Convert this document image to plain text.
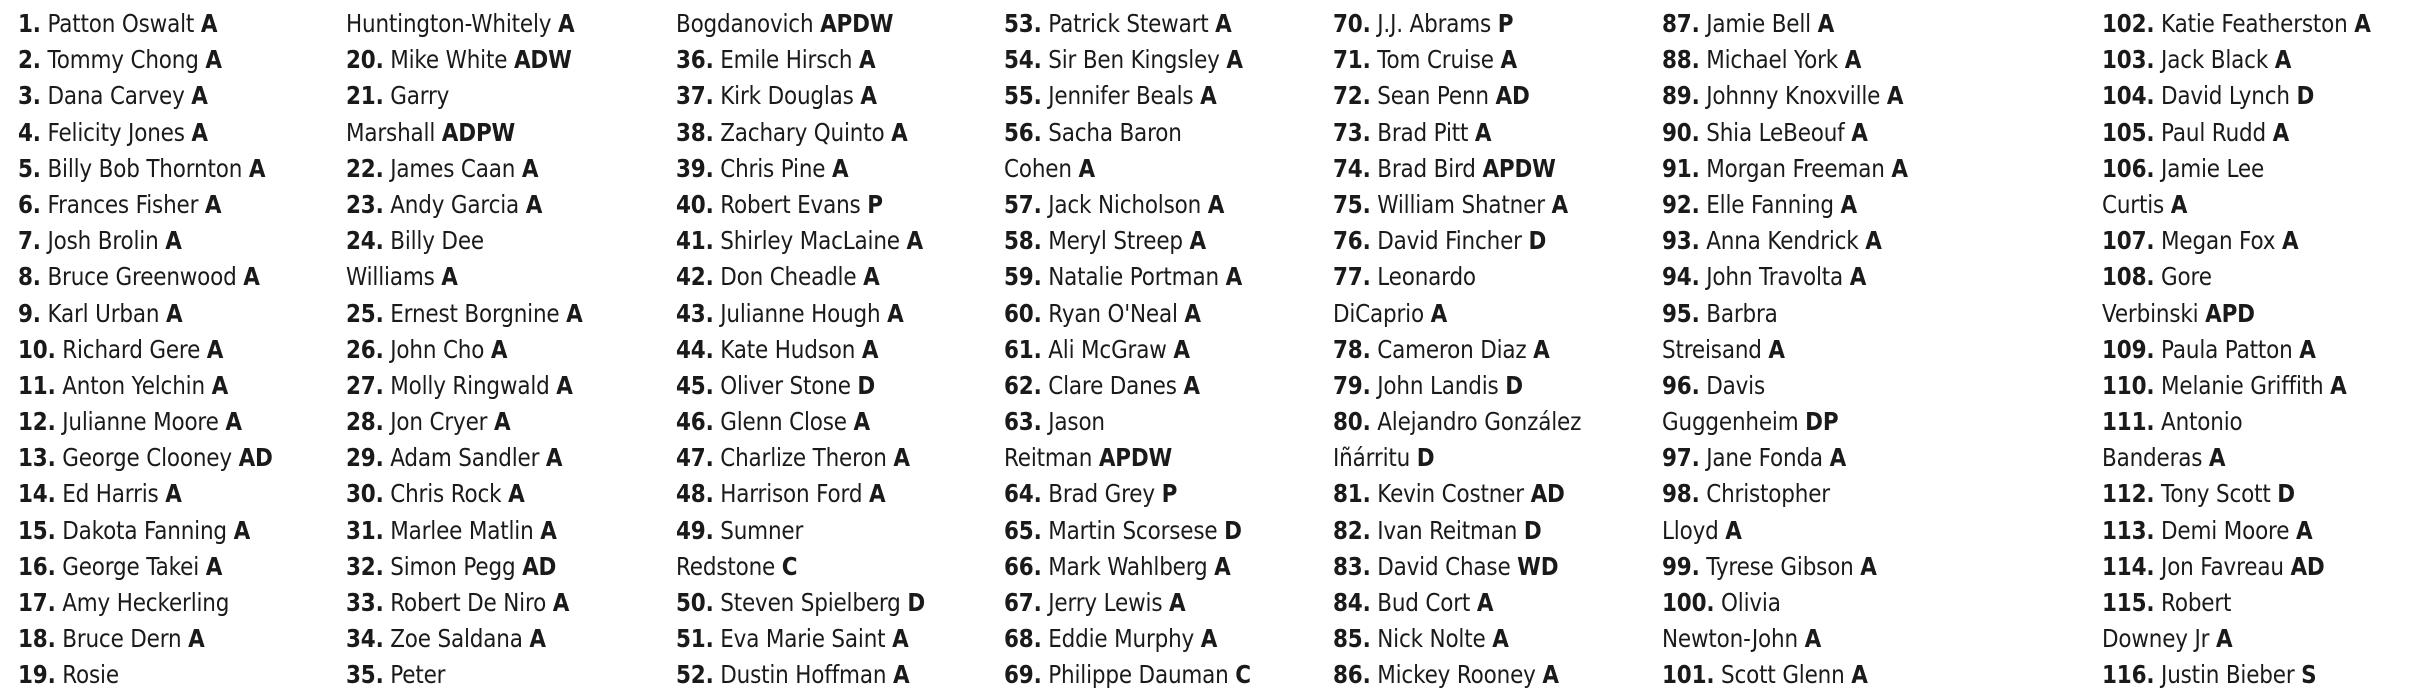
1. Patton Oswalt A
2. Tommy Chong A
3. Dana Carvey A
4. Felicity Jones A
5. Billy Bob Thornton A
6. Frances Fisher A
7. Josh Brolin A
8. Bruce Greenwood A
9. Karl Urban A
10. Richard Gere A
11. Anton Yelchin A
12. Julianne Moore A
13. George Clooney AD
14. Ed Harris A
15. Dakota Fanning A
16. George Takei A
17. Amy Heckerling
18. Bruce Dern A
19. Rosie
Huntington-Whitely A
20. Mike White ADW
21. Garry
Marshall ADPW
22. James Caan A
23. Andy Garcia A
24. Billy Dee
Williams A
25. Ernest Borgnine A
26. John Cho A
27. Molly Ringwald A
28. Jon Cryer A
29. Adam Sandler A
30. Chris Rock A
31. Marlee Matlin A
32. Simon Pegg AD
33. Robert De Niro A
34. Zoe Saldana A
35. Peter
Bogdanovich APDW
36. Emile Hirsch A
37. Kirk Douglas A
38. Zachary Quinto A
39. Chris Pine A
40. Robert Evans P
41. Shirley MacLaine A
42. Don Cheadle A
43. Julianne Hough A
44. Kate Hudson A
45. Oliver Stone D
46. Glenn Close A
47. Charlize Theron A
48. Harrison Ford A
49. Sumner
Redstone C
50. Steven Spielberg D
51. Eva Marie Saint A
52. Dustin Hoffman A
53. Patrick Stewart A
54. Sir Ben Kingsley A
55. Jennifer Beals A
56. Sacha Baron
Cohen A
57. Jack Nicholson A
58. Meryl Streep A
59. Natalie Portman A
60. Ryan O'Neal A
61. Ali McGraw A
62. Clare Danes A
63. Jason
Reitman APDW
64. Brad Grey P
65. Martin Scorsese D
66. Mark Wahlberg A
67. Jerry Lewis A
68. Eddie Murphy A
69. Philippe Dauman C
70. J.J. Abrams P
71. Tom Cruise A
72. Sean Penn AD
73. Brad Pitt A
74. Brad Bird APDW
75. William Shatner A
76. David Fincher D
77. Leonardo
DiCaprio A
78. Cameron Diaz A
79. John Landis D
80. Alejandro González
Iñárritu D
81. Kevin Costner AD
82. Ivan Reitman D
83. David Chase WD
84. Bud Cort A
85. Nick Nolte A
86. Mickey Rooney A
87. Jamie Bell A
88. Michael York A
89. Johnny Knoxville A
90. Shia LeBeouf A
91. Morgan Freeman A
92. Elle Fanning A
93. Anna Kendrick A
94. John Travolta A
95. Barbra
Streisand A
96. Davis
Guggenheim DP
97. Jane Fonda A
98. Christopher
Lloyd A
99. Tyrese Gibson A
100. Olivia
Newton-John A
101. Scott Glenn A
102. Katie Featherston A
103. Jack Black A
104. David Lynch D
105. Paul Rudd A
106. Jamie Lee
Curtis A
107. Megan Fox A
108. Gore
Verbinski APD
109. Paula Patton A
110. Melanie Griffith A
111. Antonio
Banderas A
112. Tony Scott D
113. Demi Moore A
114. Jon Favreau AD
115. Robert
Downey Jr A
116. Justin Bieber S
